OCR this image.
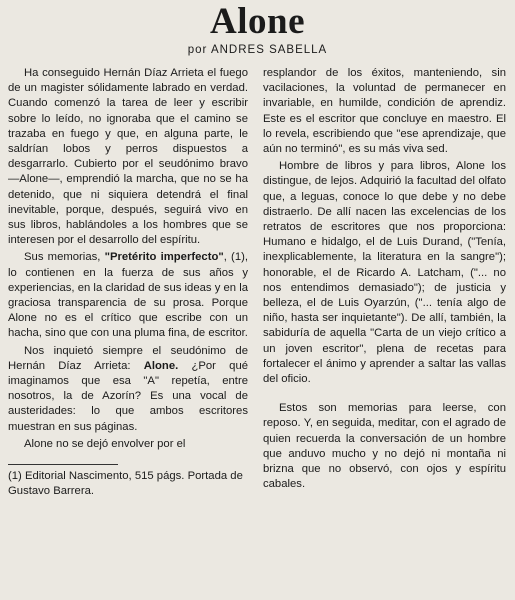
Alone
por ANDRES SABELLA

Ha conseguido Hernán Díaz Arrieta el fuego de un magister sólidamente labrado en verdad. Cuando comenzó la tarea de leer y escribir sobre lo leído, no ignoraba que el camino se trazaba en fuego y que, en alguna parte, le saldrían lobos y perros dispuestos a desgarrarlo. Cubierto por el seudónimo bravo —Alone—, emprendió la marcha, que no se ha detenido, que ni siquiera detendrá el final inevitable, porque, después, seguirá vivo en sus libros, hablándoles a los hombres que se interesen por el desarrollo del espíritu.

Sus memorias, "Pretérito imperfecto", (1), lo contienen en la fuerza de sus años y experiencias, en la claridad de sus ideas y en la graciosa transparencia de su prosa. Porque Alone no es el crítico que escribe con un hacha, sino que con una pluma fina, de escritor.

Nos inquietó siempre el seudónimo de Hernán Díaz Arrieta: Alone. ¿Por qué imaginamos que esa "A" repetía, entre nosotros, la de Azorín? Es una vocal de austeridades: lo que ambos escritores muestran en sus páginas.

Alone no se dejó envolver por el

(1) Editorial Nascimento, 515 págs. Portada de Gustavo Barrera.

resplandor de los éxitos, manteniendo, sin vacilaciones, la voluntad de permanecer en invariable, en humilde, condición de aprendiz. Este es el escritor que concluye en maestro. El lo revela, escribiendo que "ese aprendizaje, que aún no terminó", es su más viva sed.

Hombre de libros y para libros, Alone los distingue, de lejos. Adquirió la facultad del olfato que, a leguas, conoce lo que debe y no debe distraerlo. De allí nacen las excelencias de los retratos de escritores que nos proporciona: Humano e hidalgo, el de Luis Durand, ("Tenía, inexplicablemente, la literatura en la sangre"); honorable, el de Ricardo A. Latcham, ("... no nos entendimos demasiado"); de justicia y belleza, el de Luis Oyarzún, ("... tenía algo de niño, hasta ser inquietante"). De allí, también, la sabiduría de aquella "Carta de un viejo crítico a un joven escritor", plena de recetas para fortalecer el ánimo y aprender a saltar las vallas del oficio.

Estos son memorias para leerse, con reposo. Y, en seguida, meditar, con el agrado de quien recuerda la conversación de un hombre que anduvo mucho y no dejó ni montaña ni brizna que no observó, con ojos y espíritu cabales.
